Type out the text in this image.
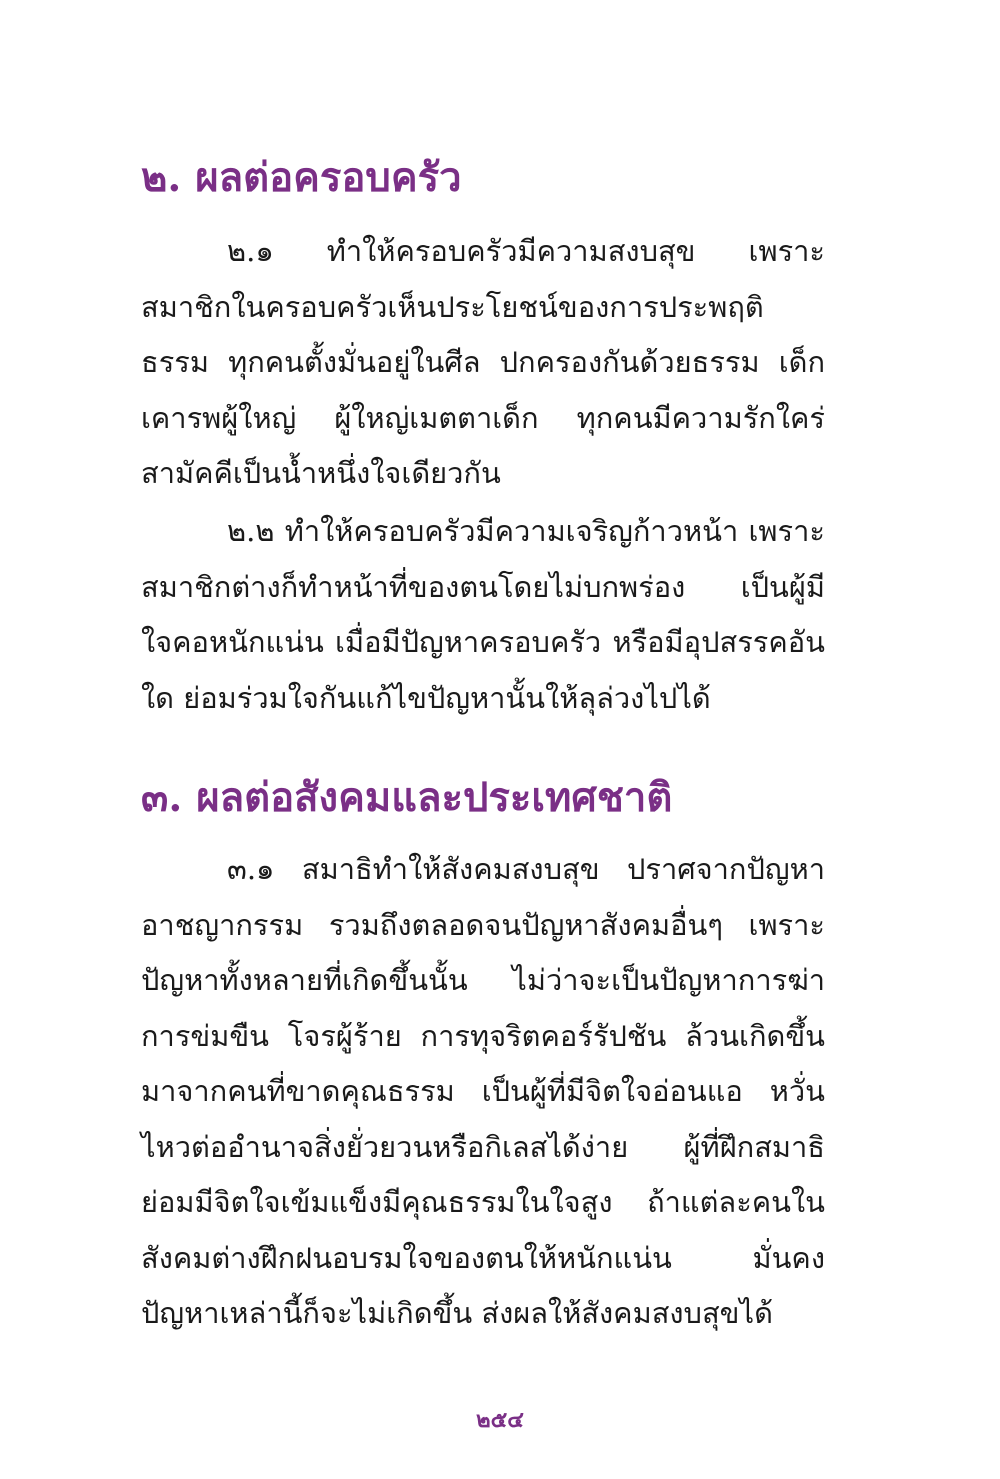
๒. ผลต่อครอบครัว

๒.๑ ทำให้ครอบครัวมีความสงบสุข เพราะสมาชิกในครอบครัวเห็นประโยชน์ของการประพฤติธรรม ทุกคนตั้งมั่นอยู่ในศีล ปกครองกันด้วยธรรม เด็กเคารพผู้ใหญ่ ผู้ใหญ่เมตตาเด็ก ทุกคนมีความรักใคร่สามัคคีเป็นน้ำหนึ่งใจเดียวกัน

๒.๒ ทำให้ครอบครัวมีความเจริญก้าวหน้า เพราะสมาชิกต่างก็ทำหน้าที่ของตนโดยไม่บกพร่อง เป็นผู้มีใจคอหนักแน่น เมื่อมีปัญหาครอบครัว หรือมีอุปสรรคอันใด ย่อมร่วมใจกันแก้ไขปัญหานั้นให้ลุล่วงไปได้

๓. ผลต่อสังคมและประเทศชาติ

๓.๑ สมาธิทำให้สังคมสงบสุข ปราศจากปัญหาอาชญากรรม รวมถึงตลอดจนปัญหาสังคมอื่นๆ เพราะปัญหาทั้งหลายที่เกิดขึ้นนั้น ไม่ว่าจะเป็นปัญหาการฆ่า การข่มขืน โจรผู้ร้าย การทุจริตคอร์รัปชัน ล้วนเกิดขึ้นมาจากคนที่ขาดคุณธรรม เป็นผู้ที่มีจิตใจอ่อนแอ หวั่นไหวต่ออำนาจสิ่งยั่วยวนหรือกิเลสได้ง่าย ผู้ที่ฝึกสมาธิย่อมมีจิตใจเข้มแข็งมีคุณธรรมในใจสูง ถ้าแต่ละคนในสังคมต่างฝึกฝนอบรมใจของตนให้หนักแน่น มั่นคง ปัญหาเหล่านี้ก็จะไม่เกิดขึ้น ส่งผลให้สังคมสงบสุขได้

๒๕๔
